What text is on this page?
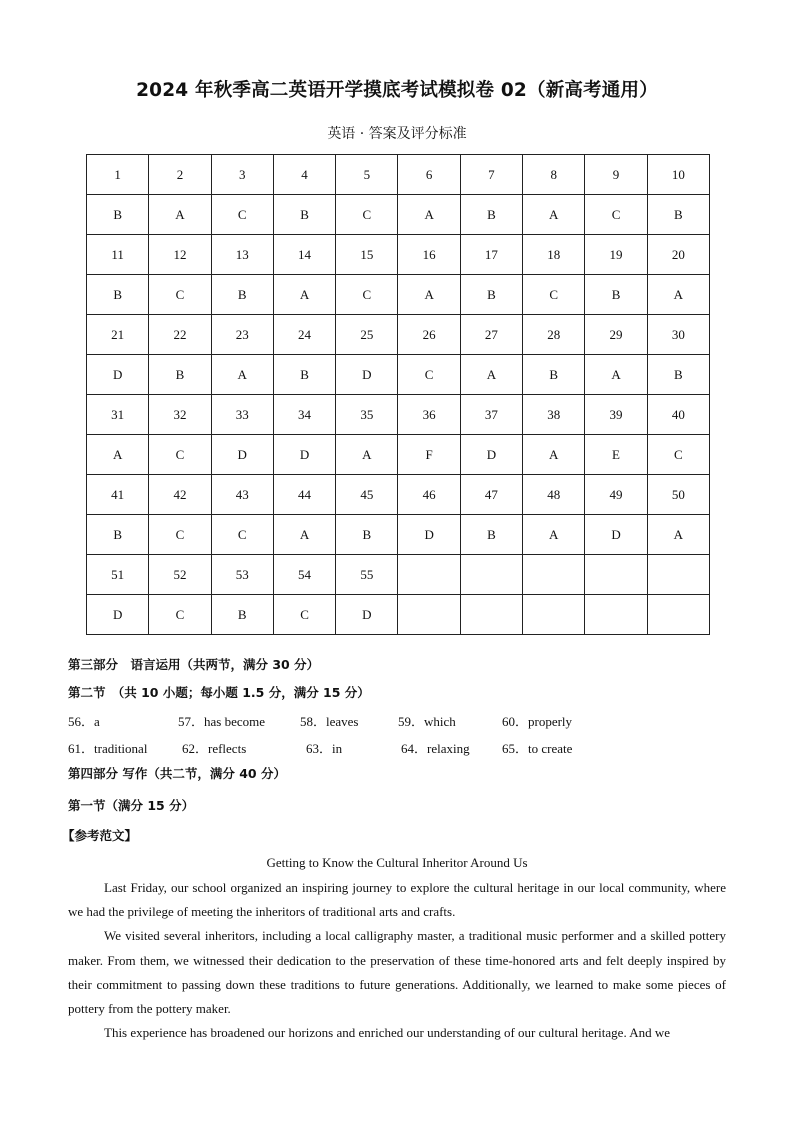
2024 年秋季高二英语开学摸底考试模拟卷 02（新高考通用）
英语 · 答案及评分标准
1	2	3	4	5	6	7	8	9	10
B	A	C	B	C	A	B	A	C	B
11	12	13	14	15	16	17	18	19	20
B	C	B	A	C	A	B	C	B	A
21	22	23	24	25	26	27	28	29	30
D	B	A	B	D	C	A	B	A	B
31	32	33	34	35	36	37	38	39	40
A	C	D	D	A	F	D	A	E	C
41	42	43	44	45	46	47	48	49	50
B	C	C	A	B	D	B	A	D	A
51	52	53	54	55					
D	C	B	C	D					
第三部分　语言运用（共两节，满分 30 分）
第二节　（共 10 小题；每小题 1.5 分，满分 15 分）
56．a	57．has become	58．leaves	59．which	60．properly
61．traditional	62．reflects	63．in	64．relaxing 65．to create
第四部分 写作（共二节，满分 40 分）
第一节（满分 15 分）
【参考范文】
Getting to Know the Cultural Inheritor Around Us

Last Friday, our school organized an inspiring journey to explore the cultural heritage in our local community, where we had the privilege of meeting the inheritors of traditional arts and crafts.

We visited several inheritors, including a local calligraphy master, a traditional music performer and a skilled pottery maker. From them, we witnessed their dedication to the preservation of these time-honored arts and felt deeply inspired by their commitment to passing down these traditions to future generations. Additionally, we learned to make some pieces of pottery from the pottery maker.

This experience has broadened our horizons and enriched our understanding of our cultural heritage. And we
